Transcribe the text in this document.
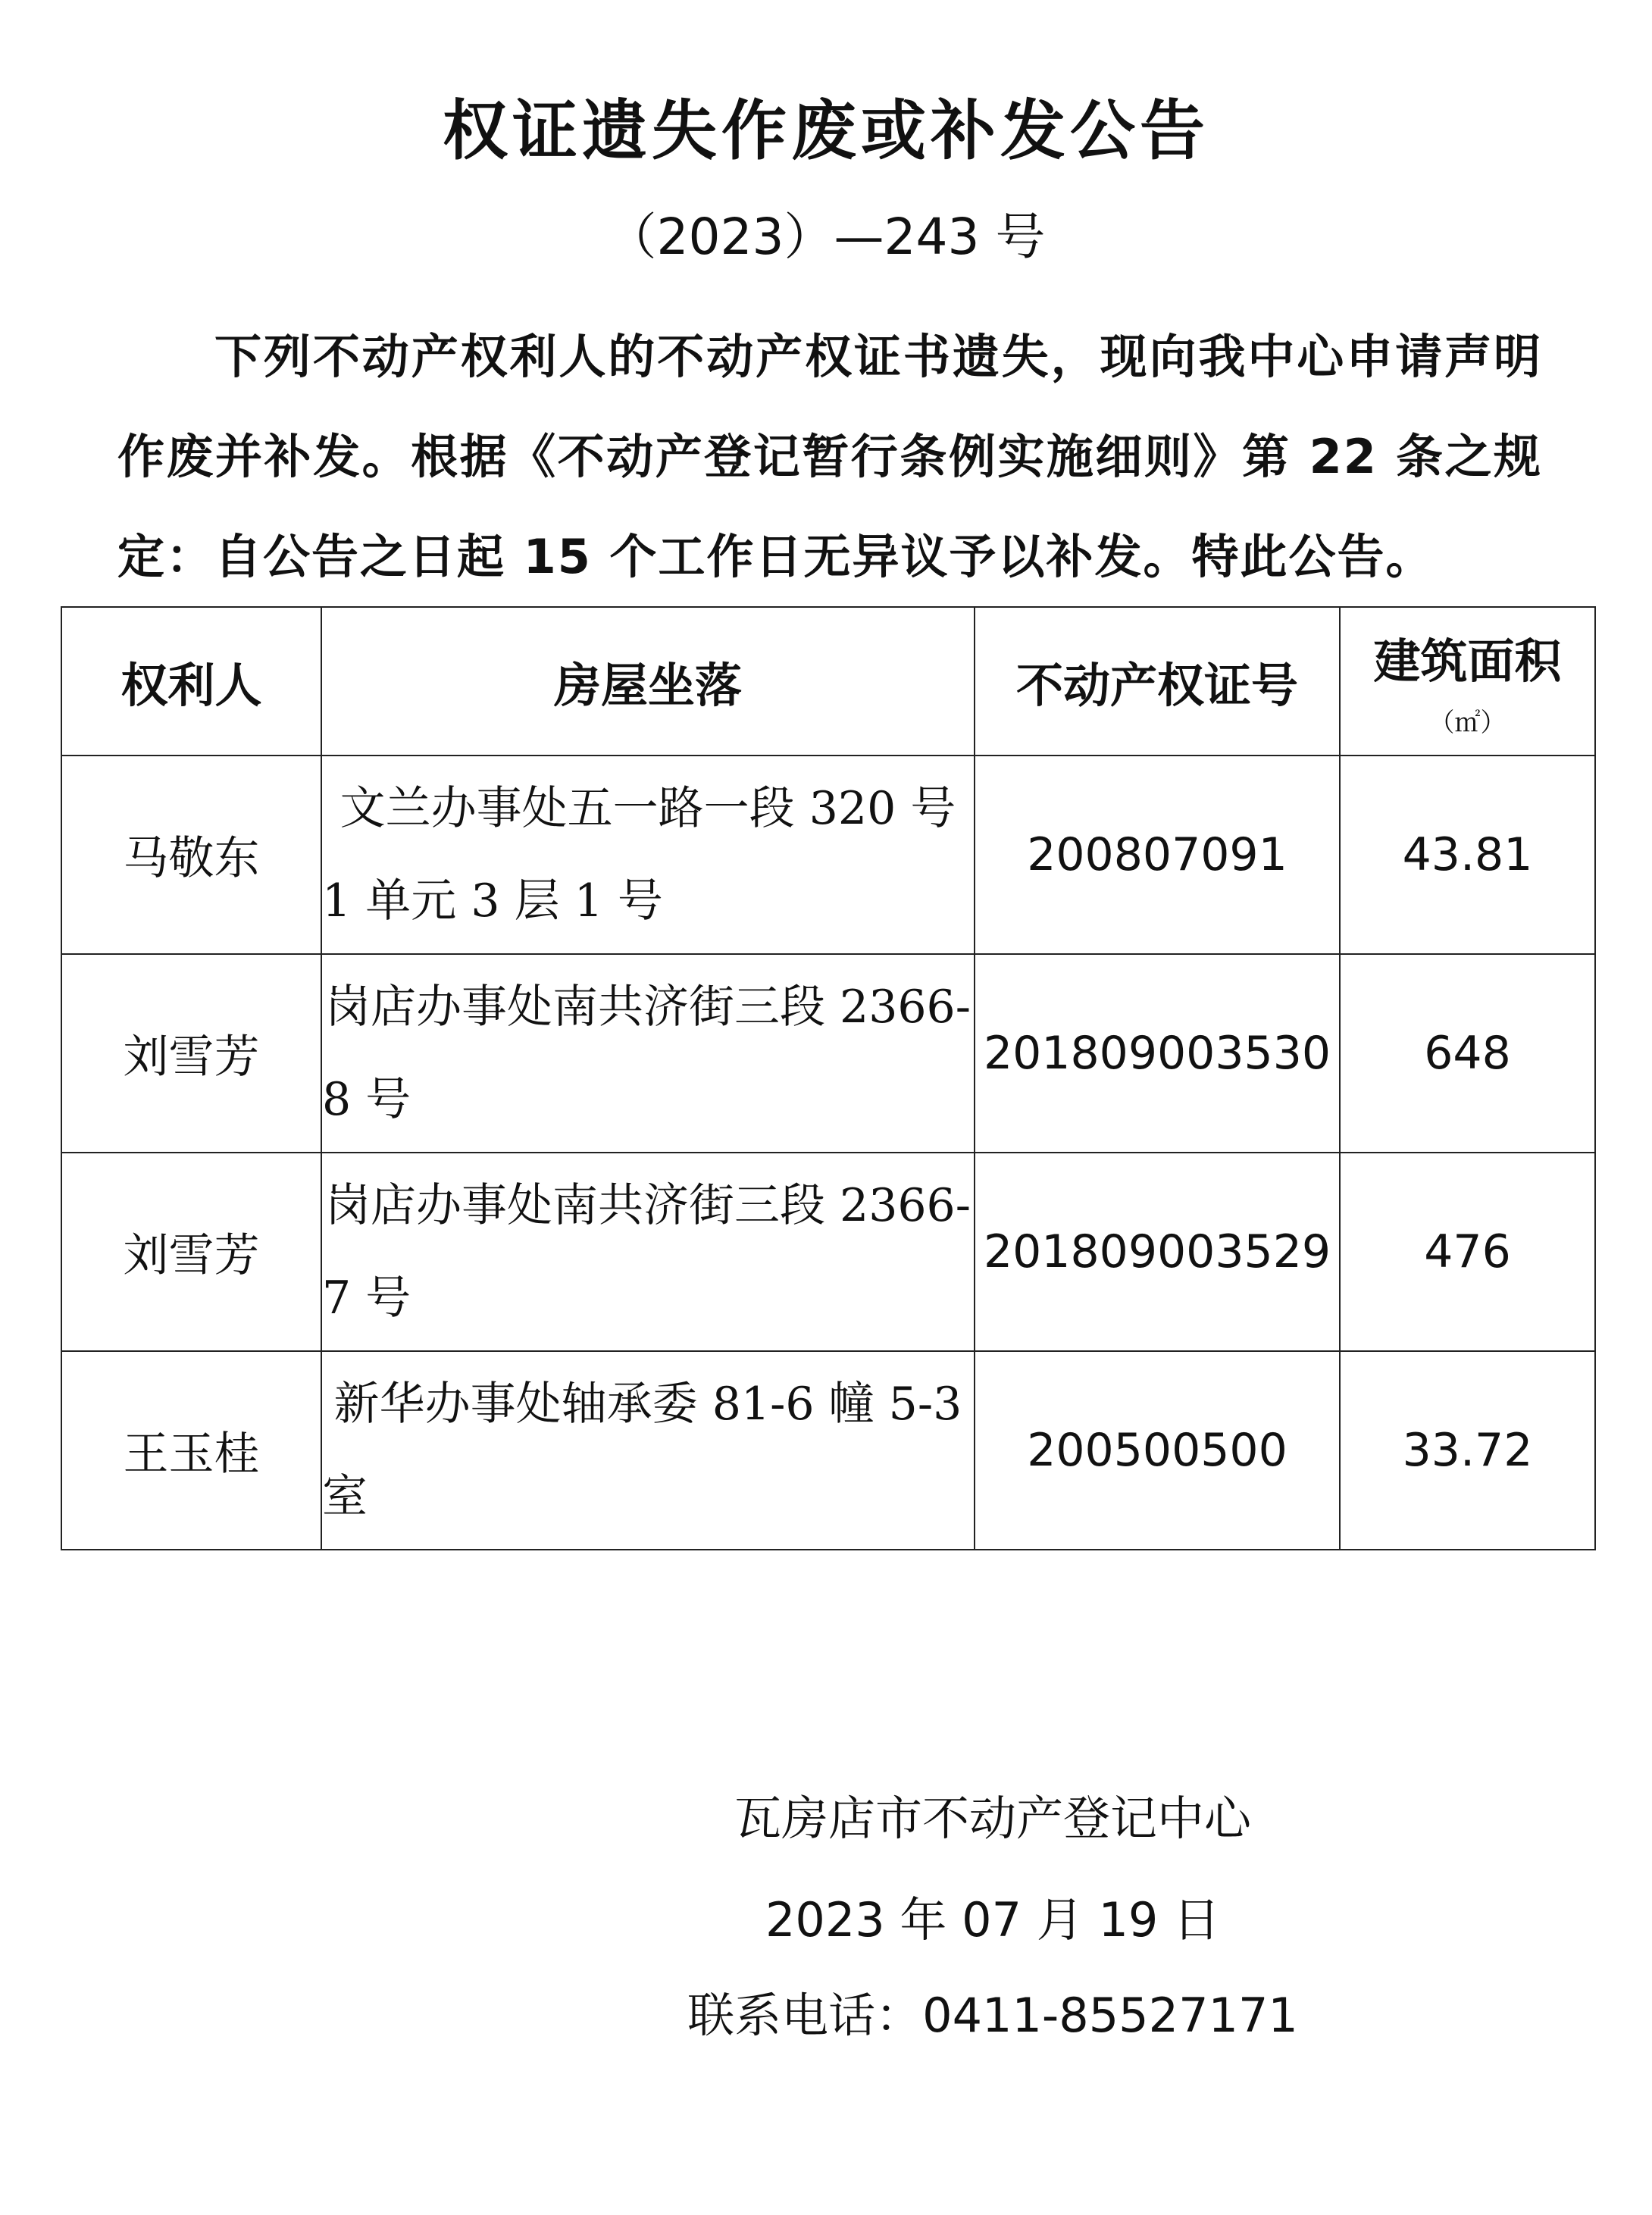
权证遗失作废或补发公告
（2023）—243 号
下列不动产权利人的不动产权证书遗失，现向我中心申请声明作废并补发。根据《不动产登记暂行条例实施细则》第 22 条之规定：自公告之日起 15 个工作日无异议予以补发。特此公告。
权利人	房屋坐落	不动产权证号	建筑面积
（㎡）

马敬东	文兰办事处五一路一段 320 号 1 单元 3 层 1 号	200807091	43.81
刘雪芳	岗店办事处南共济街三段 2366-8 号	201809003530	648
刘雪芳	岗店办事处南共济街三段 2366-7 号	201809003529	476
王玉桂	新华办事处轴承委 81-6 幢 5-3 室	200500500	33.72
瓦房店市不动产登记中心
2023 年 07 月 19 日
联系电话：0411-85527171
